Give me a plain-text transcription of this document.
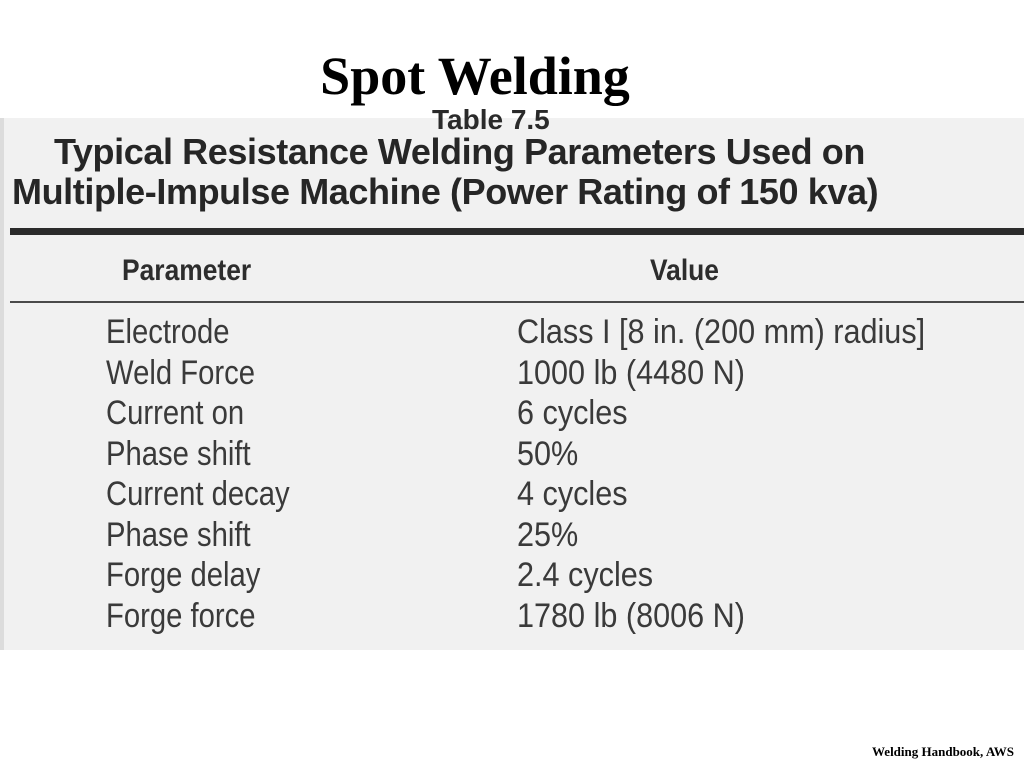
Spot Welding
Table 7.5
Typical Resistance Welding Parameters Used on
Multiple-Impulse Machine (Power Rating of 150 kva)
Parameter	Value
Electrode	Class I [8 in. (200 mm) radius]
Weld Force	1000 lb (4480 N)
Current on	6 cycles
Phase shift	50%
Current decay	4 cycles
Phase shift	25%
Forge delay	2.4 cycles
Forge force	1780 lb (8006 N)
Welding Handbook, AWS
